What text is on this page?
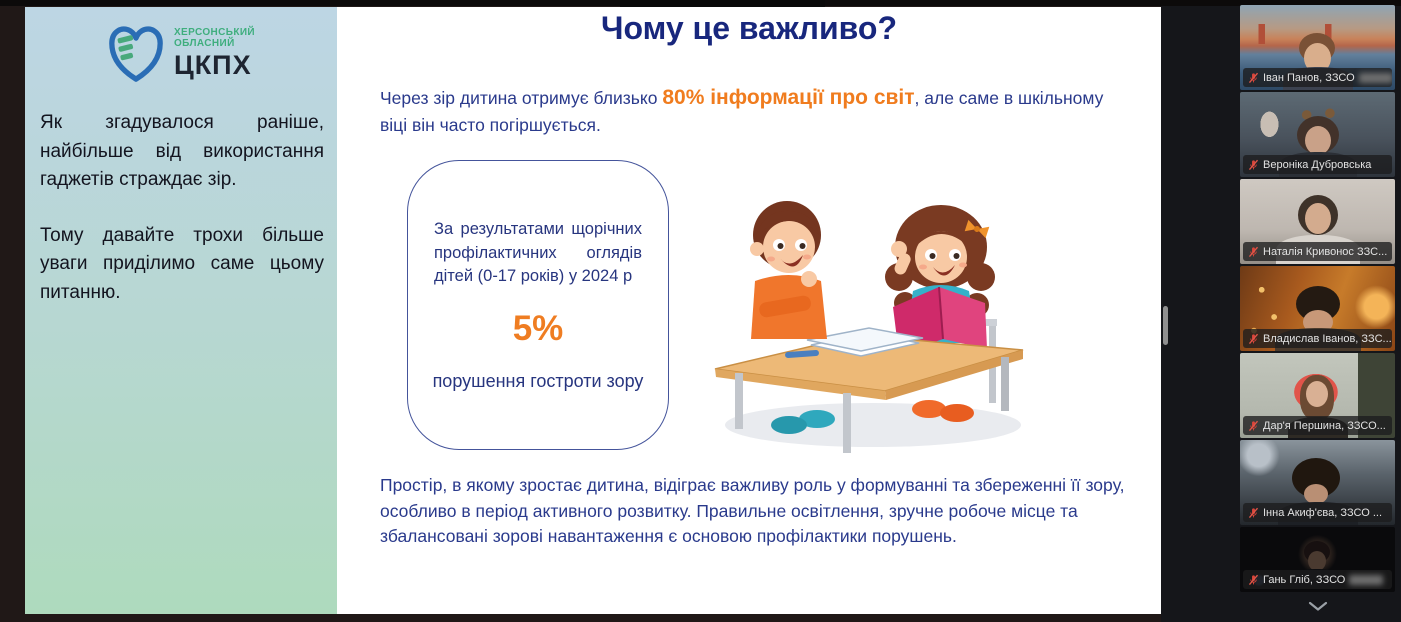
ХЕРСОНСЬКИЙ
ОБЛАСНИЙ
ЦКПХ

Як згадувалося раніше, найбільше від використання гаджетів страждає зір.

Тому давайте трохи більше уваги приділимо саме цьому питанню.

Чому це важливо?
Через зір дитина отримує близько 80% інформації про світ, але саме в шкільному віці він часто погіршується.
За результатами щорічних профілактичних оглядів дітей (0-17 років) у 2024 р
5%
порушення гостроти зору
Простір, в якому зростає дитина, відіграє важливу роль у формуванні та збереженні її зору, особливо в період активного розвитку. Правильне освітлення, зручне робоче місце та збалансовані зорові навантаження є основою профілактики порушень.
Іван Панов, ЗЗСО
Вероніка Дубровська
Наталія Кривонос ЗЗС...
Владислав Іванов, ЗЗС...
Дар'я Першина, ЗЗСО...
Інна Акиф'єва, ЗЗСО ...
Гань Гліб, ЗЗСО
